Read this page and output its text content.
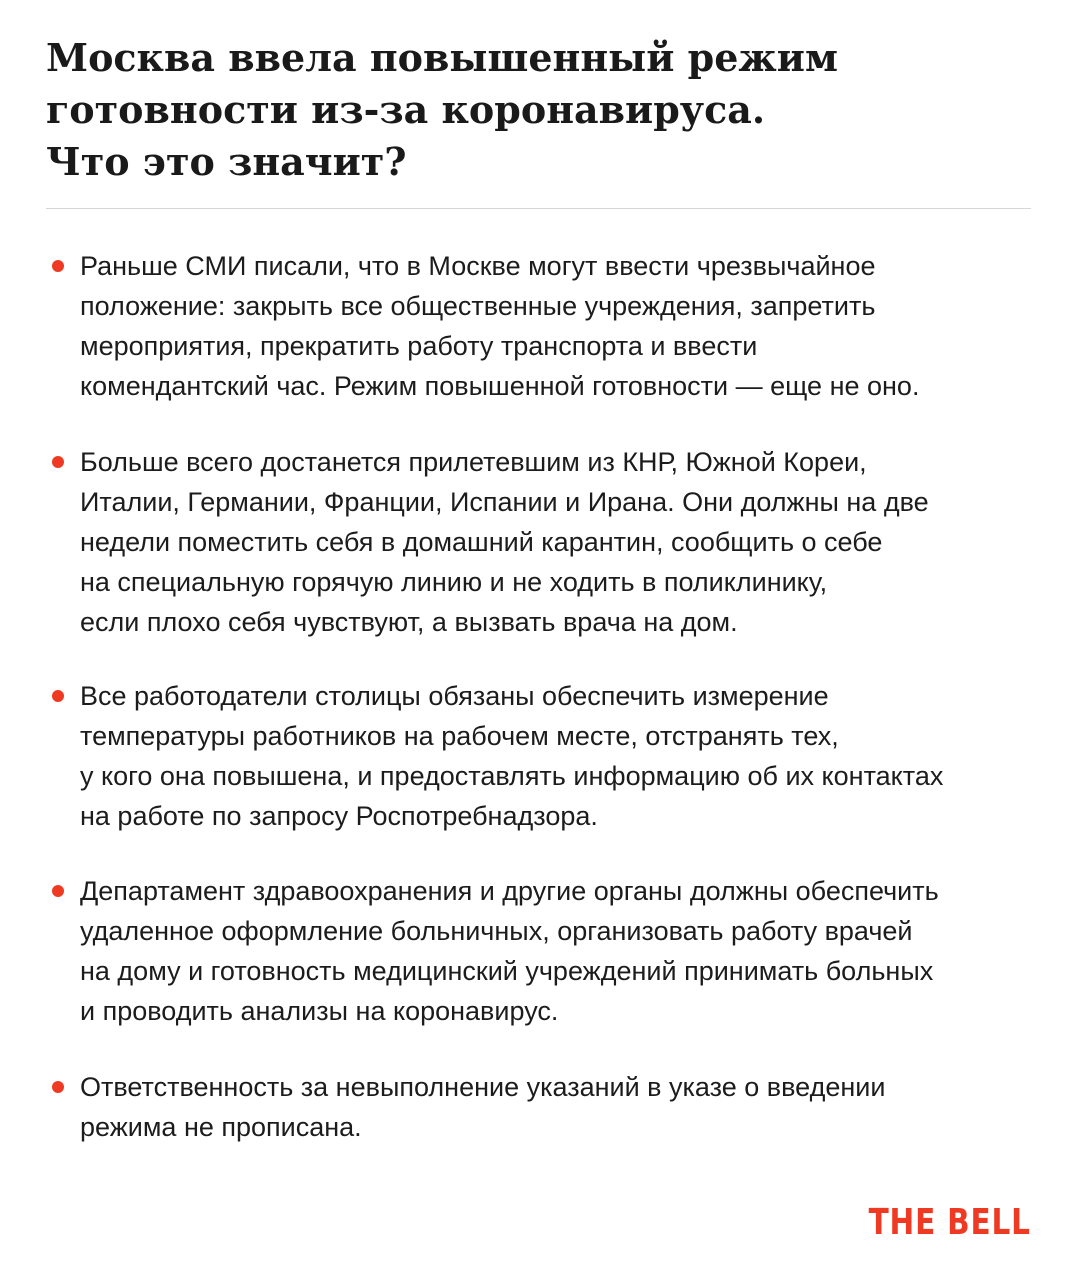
Москва ввела повышенный режим
готовности из-за коронавируса.
Что это значит?
Раньше СМИ писали, что в Москве могут ввести чрезвычайное
положение: закрыть все общественные учреждения, запретить
мероприятия, прекратить работу транспорта и ввести
комендантский час. Режим повышенной готовности — еще не оно.
Больше всего достанется прилетевшим из КНР, Южной Кореи,
Италии, Германии, Франции, Испании и Ирана. Они должны на две
недели поместить себя в домашний карантин, сообщить о себе
на специальную горячую линию и не ходить в поликлинику,
если плохо себя чувствуют, а вызвать врача на дом.
Все работодатели столицы обязаны обеспечить измерение
температуры работников на рабочем месте, отстранять тех,
у кого она повышена, и предоставлять информацию об их контактах
на работе по запросу Роспотребнадзора.
Департамент здравоохранения и другие органы должны обеспечить
удаленное оформление больничных, организовать работу врачей
на дому и готовность медицинский учреждений принимать больных
и проводить анализы на коронавирус.
Ответственность за невыполнение указаний в указе о введении
режима не прописана.
THE BELL
